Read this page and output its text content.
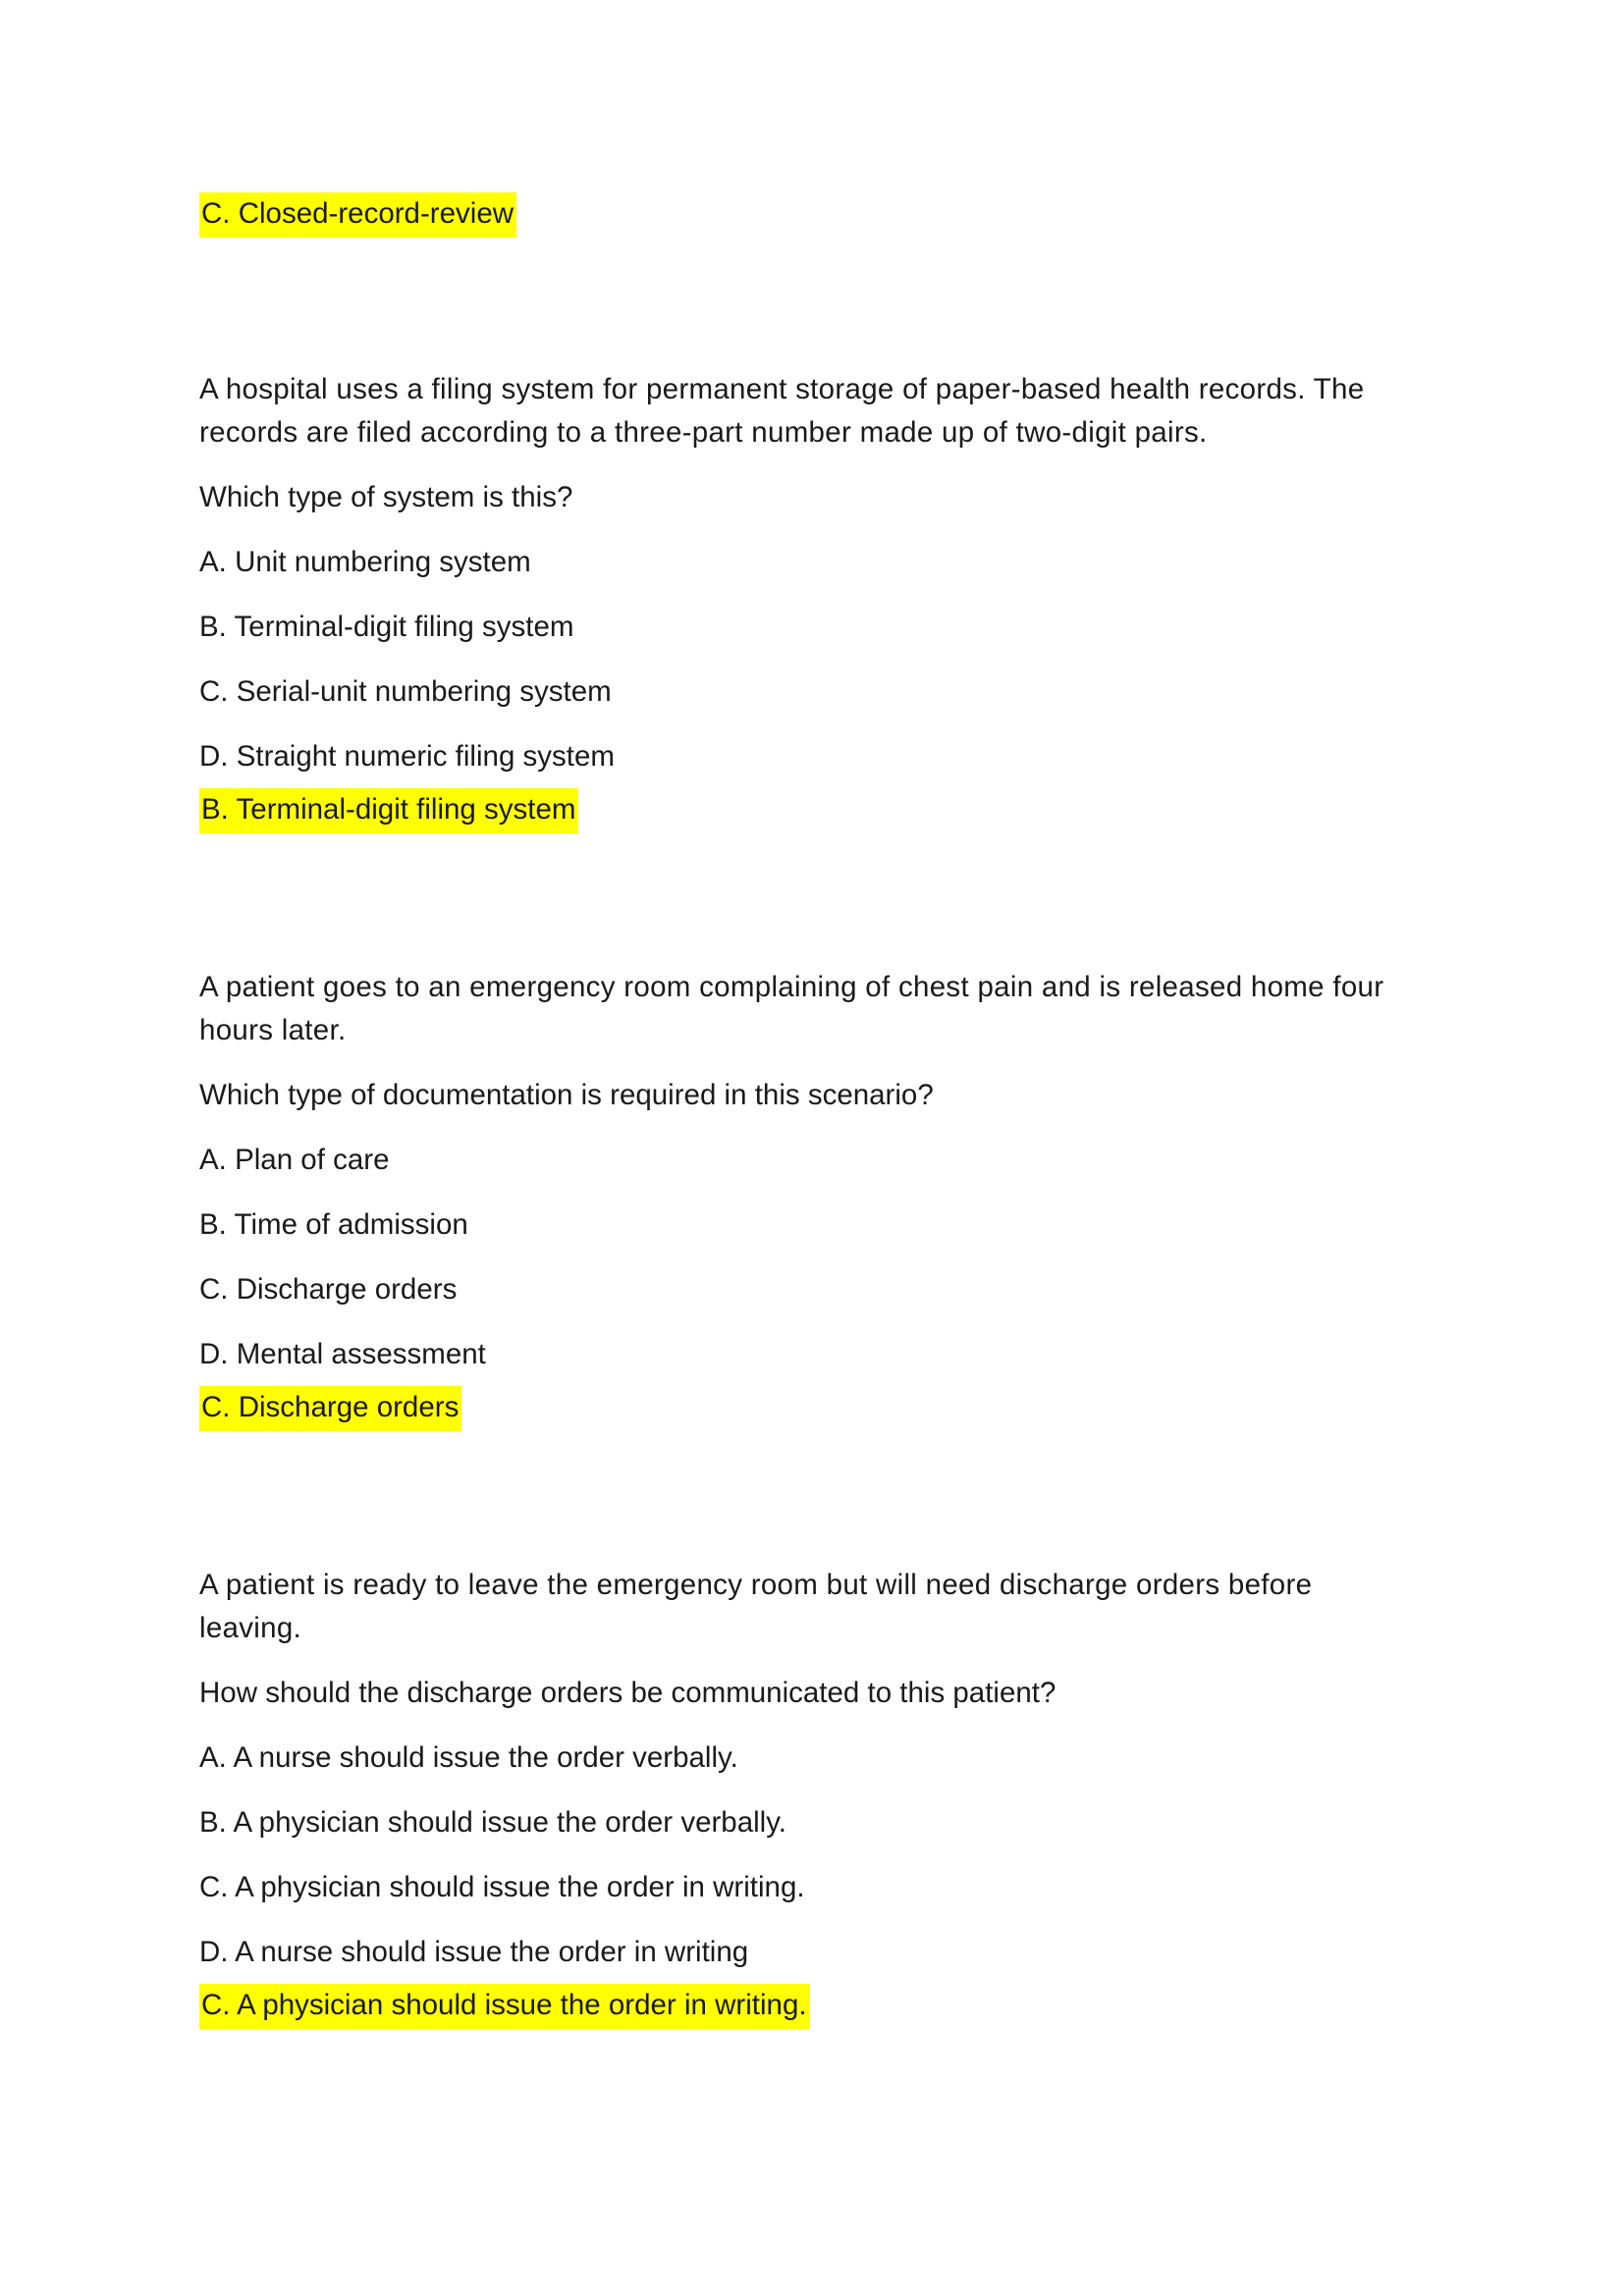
C. Closed-record-review

A hospital uses a filing system for permanent storage of paper-based health records. The records are filed according to a three-part number made up of two-digit pairs.

Which type of system is this?

A. Unit numbering system

B. Terminal-digit filing system

C. Serial-unit numbering system

D. Straight numeric filing system

B. Terminal-digit filing system

A patient goes to an emergency room complaining of chest pain and is released home four hours later.

Which type of documentation is required in this scenario?

A. Plan of care

B. Time of admission

C. Discharge orders

D. Mental assessment

C. Discharge orders

A patient is ready to leave the emergency room but will need discharge orders before leaving.

How should the discharge orders be communicated to this patient?

A. A nurse should issue the order verbally.

B. A physician should issue the order verbally.

C. A physician should issue the order in writing.

D. A nurse should issue the order in writing

C. A physician should issue the order in writing.
